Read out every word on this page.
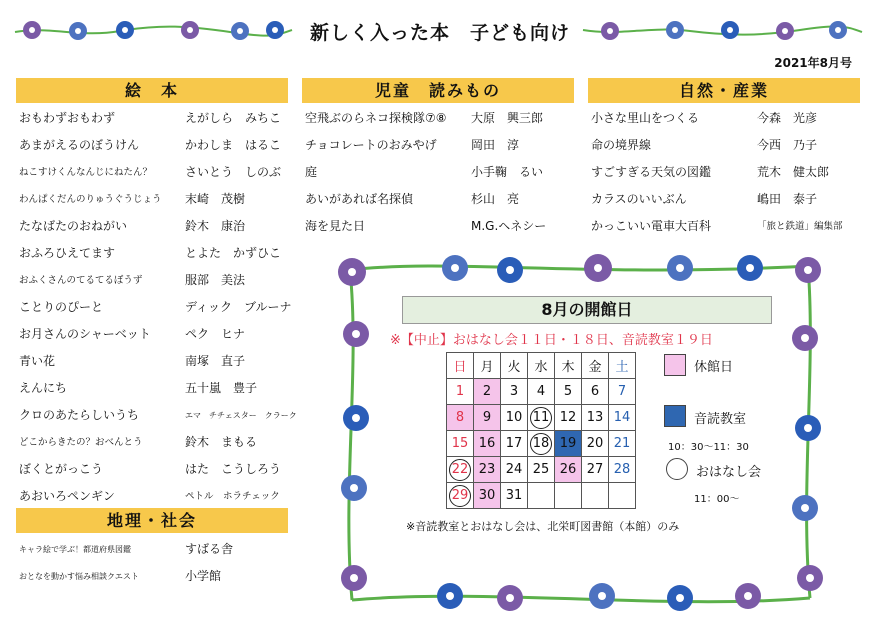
新しく入った本　子ども向け
2021年8月号
絵　本	児童　読みもの	自然・産業
地理・社会
おもわずおもわず	えがしら　みちこ
あまがえるのぼうけん	かわしま　はるこ
ねこすけくんなんじにねたん？	さいとう　しのぶ
わんぱくだんのりゅうぐうじょう 末崎　茂樹
たなばたのおねがい	鈴木　康治
おふろひえてます	とよた　かずひこ
おふくさんのてるてるぼうず	服部　美法
ことりのぴーと	ディック　ブルーナ
お月さんのシャーベット	ペク　ヒナ
青い花	南塚　直子
えんにち	五十嵐　豊子
クロのあたらしいうち	エマ　チチェスター　クラーク
どこからきたの？おべんとう	鈴木　まもる
ぼくとがっこう	はた　こうしろう
あおいろペンギン	ペトル　ホラチェック
キャラ絵で学ぶ！都道府県図鑑	すばる舎
おとなを動かす悩み相談クエスト	小学館
空飛ぶのらネコ探検隊⑦⑧ 大原　興三郎
チョコレートのおみやげ	岡田　淳
庭	小手鞠　るい
あいがあれば名探偵	杉山　亮
海を見た日	M.G.ヘネシー
小さな里山をつくる	今森　光彦
命の境界線	今西　乃子
すごすぎる天気の図鑑	荒木　健太郎
カラスのいいぶん	嶋田　泰子
かっこいい電車大百科	「旅と鉄道」編集部
8月の開館日
※【中止】おはなし会１１日・１８日、音読教室１９日
日	月	火	水	木	金	土
1	2	3	4	5	6	7
8	9	10	11	12	13	14
15	16	17	18	19	20	21
22	23	24	25	26	27	28
29	30	31				
休館日
音読教室
10：30～11：30
おはなし会
11：00～
※音読教室とおはなし会は、北栄町図書館（本館）のみ
